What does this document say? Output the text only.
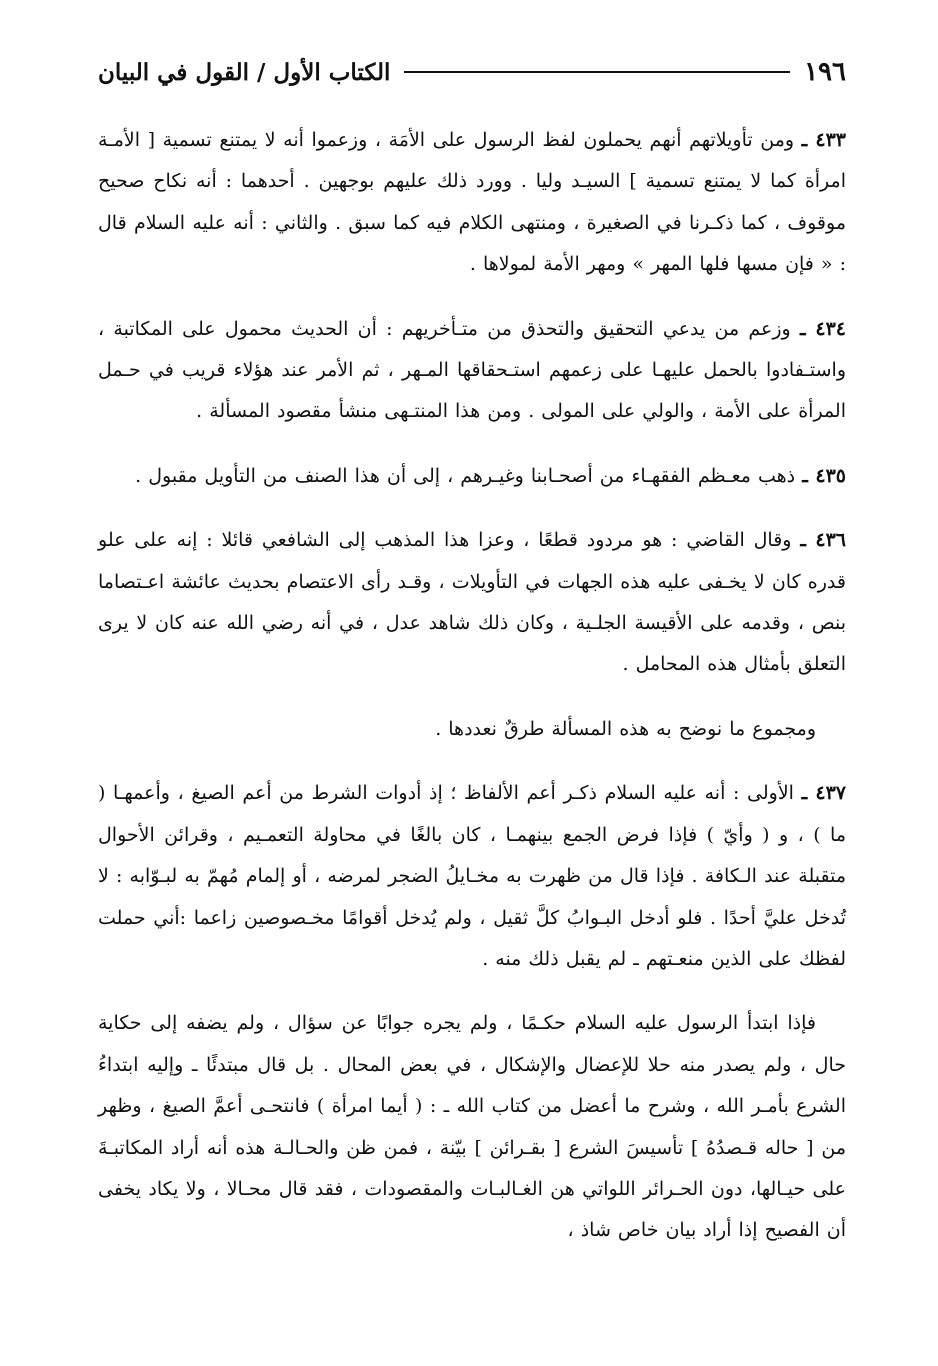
١٩٦
الكتاب الأول / القول في البيان

٤٣٣ ـ ومن تأويلاتهم أنهم يحملون لفظ الرسول على الأمَة ، وزعموا أنه لا يمتنع تسمية [ الأمـة امرأة كما لا يمتنع تسمية ] السيـد وليا . وورد ذلك عليهم بوجهين . أحدهما : أنه نكاح صحيح موقوف ، كما ذكـرنا في الصغيرة ، ومنتهى الكلام فيه كما سبق . والثاني : أنه عليه السلام قال : « فإن مسها فلها المهر » ومهر الأمة لمولاها .

٤٣٤ ـ وزعم من يدعي التحقيق والتحذق من متـأخريهم : أن الحديث محمول على المكاتبة ، واستـفادوا بالحمل عليهـا على زعمهم استـحقاقها المـهر ، ثم الأمر عند هؤلاء قريب في حـمل المرأة على الأمة ، والولي على المولى . ومن هذا المنتـهى منشأ مقصود المسألة .

٤٣٥ ـ ذهب معـظم الفقهـاء من أصحـابنا وغيـرهم ، إلى أن هذا الصنف من التأويل مقبول .

٤٣٦ ـ وقال القاضي : هو مردود قطعًا ، وعزا هذا المذهب إلى الشافعي قائلا : إنه على علو قدره كان لا يخـفى عليه هذه الجهات في التأويلات ، وقـد رأى الاعتصام بحديث عائشة اعـتصاما بنص ، وقدمه على الأقيسة الجلـية ، وكان ذلك شاهد عدل ، في أنه رضي الله عنه كان لا يرى التعلق بأمثال هذه المحامل .

ومجموع ما نوضح به هذه المسألة طرقٌ نعددها .

٤٣٧ ـ الأولى : أنه عليه السلام ذكـر أعم الألفاظ ؛ إذ أدوات الشرط من أعم الصيغ ، وأعمهـا ( ما ) ، و ( وأيّ ) فإذا فرض الجمع بينهمـا ، كان بالغًا في محاولة التعمـيم ، وقرائن الأحوال متقبلة عند الـكافة . فإذا قال من ظهرت به مخـايلُ الضجر لمرضه ، أو إلمام مُهمّ به لبـوّابه : لا تُدخل عليَّ أحدًا . فلو أدخل البـوابُ كلَّ ثقيل ، ولم يُدخل أقوامًا مخـصوصين زاعما :أني حملت لفظك على الذين منعـتهم ـ لم يقبل ذلك منه .

فإذا ابتدأ الرسول عليه السلام حكـمًا ، ولم يجره جوابًا عن سؤال ، ولم يضفه إلى حكاية حال ، ولم يصدر منه حلا للإعضال والإشكال ، في بعض المحال . بل قال مبتدئًا ـ وإليه ابتداءُ الشرع بأمـر الله ، وشرح ما أعضل من كتاب الله ـ : ( أيما امرأة ) فانتحـى أعمَّ الصيغ ، وظهر من [ حاله قـصدُهُ ] تأسيسَ الشرع [ بقـرائن ] بيّنة ، فمن ظن والحـالـة هذه أنه أراد المكاتبـةَ على حيـالها، دون الحـرائر اللواتي هن الغـالبـات والمقصودات ، فقد قال محـالا ، ولا يكاد يخفى أن الفصيح إذا أراد بيان خاص شاذ ،
